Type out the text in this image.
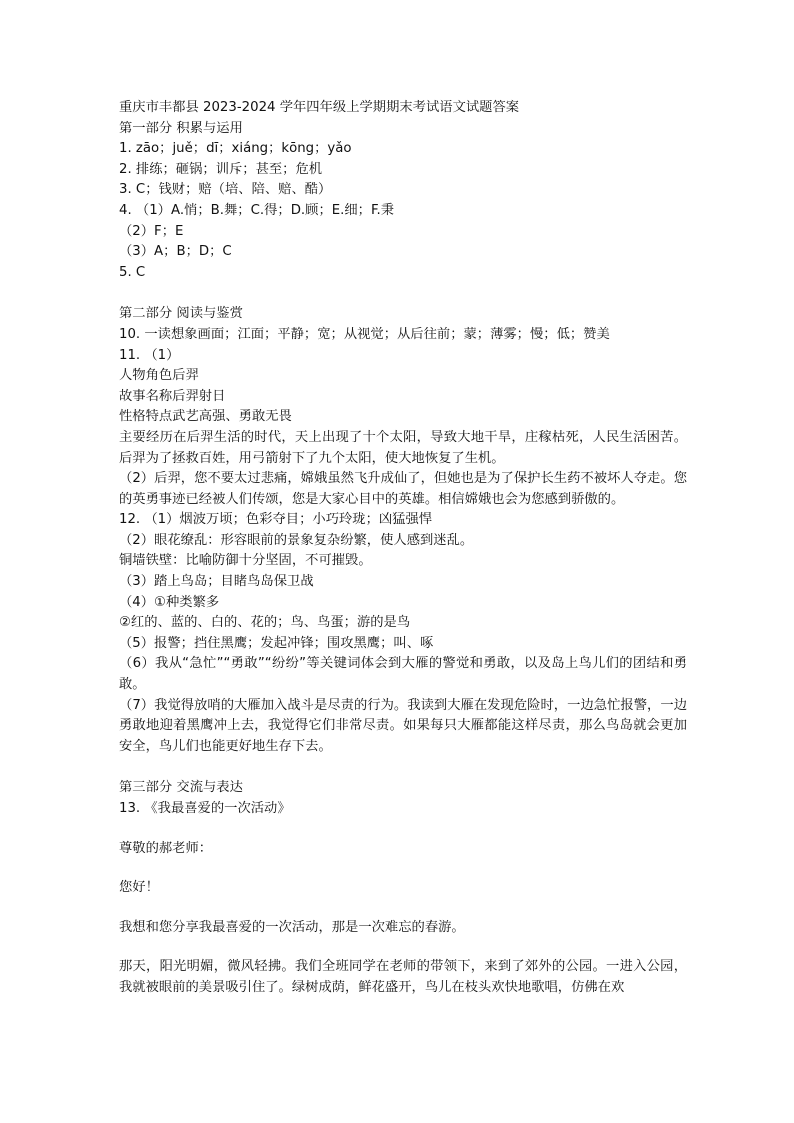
重庆市丰都县 2023-2024 学年四年级上学期期末考试语文试题答案
第一部分 积累与运用
1. zāo；juě；dī；xiáng；kōng；yǎo
2. 排练；砸锅；训斥；甚至；危机
3. C；钱财；赔（培、陪、赔、酷）
4. （1）A.悄；B.舞；C.得；D.顾；E.细；F.秉
（2）F；E
（3）A；B；D；C
5. C
第二部分 阅读与鉴赏
10. 一读想象画面；江面；平静；宽；从视觉；从后往前；蒙；薄雾；慢；低；赞美
11. （1）
人物角色后羿
故事名称后羿射日
性格特点武艺高强、勇敢无畏
主要经历在后羿生活的时代，天上出现了十个太阳，导致大地干旱，庄稼枯死，人民生活困苦。后羿为了拯救百姓，用弓箭射下了九个太阳，使大地恢复了生机。
（2）后羿，您不要太过悲痛，嫦娥虽然飞升成仙了，但她也是为了保护长生药不被坏人夺走。您的英勇事迹已经被人们传颂，您是大家心目中的英雄。相信嫦娥也会为您感到骄傲的。
12. （1）烟波万顷；色彩夺目；小巧玲珑；凶猛强悍
（2）眼花缭乱：形容眼前的景象复杂纷繁，使人感到迷乱。
铜墙铁壁：比喻防御十分坚固，不可摧毁。
（3）踏上鸟岛；目睹鸟岛保卫战
（4）①种类繁多
②红的、蓝的、白的、花的；鸟、鸟蛋；游的是鸟
（5）报警；挡住黑鹰；发起冲锋；围攻黑鹰；叫、啄
（6）我从“急忙”“勇敢”“纷纷”等关键词体会到大雁的警觉和勇敢，以及岛上鸟儿们的团结和勇敢。
（7）我觉得放哨的大雁加入战斗是尽责的行为。我读到大雁在发现危险时，一边急忙报警，一边勇敢地迎着黑鹰冲上去，我觉得它们非常尽责。如果每只大雁都能这样尽责，那么鸟岛就会更加安全，鸟儿们也能更好地生存下去。
第三部分 交流与表达
13. 《我最喜爱的一次活动》
尊敬的郝老师：
您好！
我想和您分享我最喜爱的一次活动，那是一次难忘的春游。
那天，阳光明媚，微风轻拂。我们全班同学在老师的带领下，来到了郊外的公园。一进入公园，我就被眼前的美景吸引住了。绿树成荫，鲜花盛开，鸟儿在枝头欢快地歌唱，仿佛在欢
